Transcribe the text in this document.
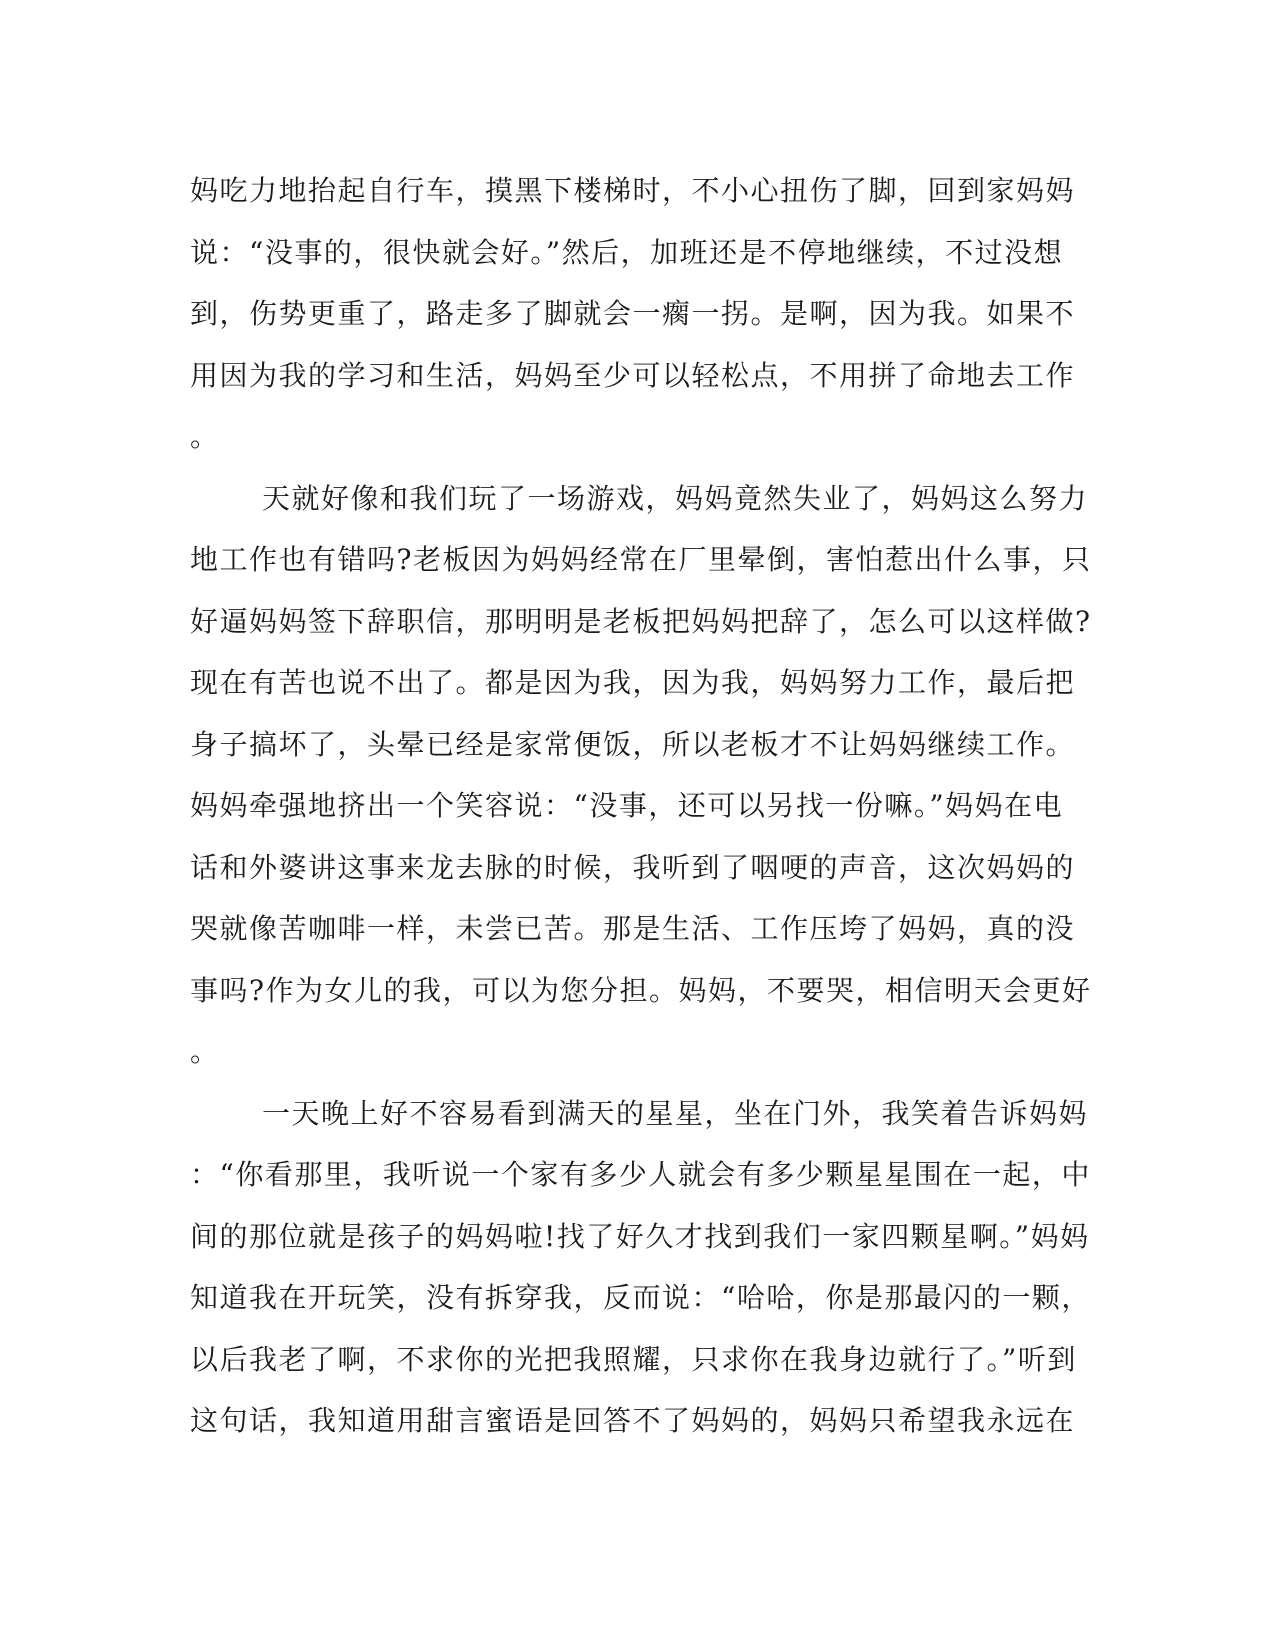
妈吃力地抬起自行车，摸黑下楼梯时，不小心扭伤了脚，回到家妈妈
说：“没事的，很快就会好。”然后，加班还是不停地继续，不过没想
到，伤势更重了，路走多了脚就会一瘸一拐。是啊，因为我。如果不
用因为我的学习和生活，妈妈至少可以轻松点，不用拼了命地去工作
。
天就好像和我们玩了一场游戏，妈妈竟然失业了，妈妈这么努力
地工作也有错吗?老板因为妈妈经常在厂里晕倒，害怕惹出什么事，只
好逼妈妈签下辞职信，那明明是老板把妈妈把辞了，怎么可以这样做?
现在有苦也说不出了。都是因为我，因为我，妈妈努力工作，最后把
身子搞坏了，头晕已经是家常便饭，所以老板才不让妈妈继续工作。
妈妈牵强地挤出一个笑容说：“没事，还可以另找一份嘛。”妈妈在电
话和外婆讲这事来龙去脉的时候，我听到了咽哽的声音，这次妈妈的
哭就像苦咖啡一样，未尝已苦。那是生活、工作压垮了妈妈，真的没
事吗?作为女儿的我，可以为您分担。妈妈，不要哭，相信明天会更好
。
一天晚上好不容易看到满天的星星，坐在门外，我笑着告诉妈妈
：“你看那里，我听说一个家有多少人就会有多少颗星星围在一起，中
间的那位就是孩子的妈妈啦!找了好久才找到我们一家四颗星啊。”妈妈
知道我在开玩笑，没有拆穿我，反而说：“哈哈，你是那最闪的一颗，
以后我老了啊，不求你的光把我照耀，只求你在我身边就行了。”听到
这句话，我知道用甜言蜜语是回答不了妈妈的，妈妈只希望我永远在
